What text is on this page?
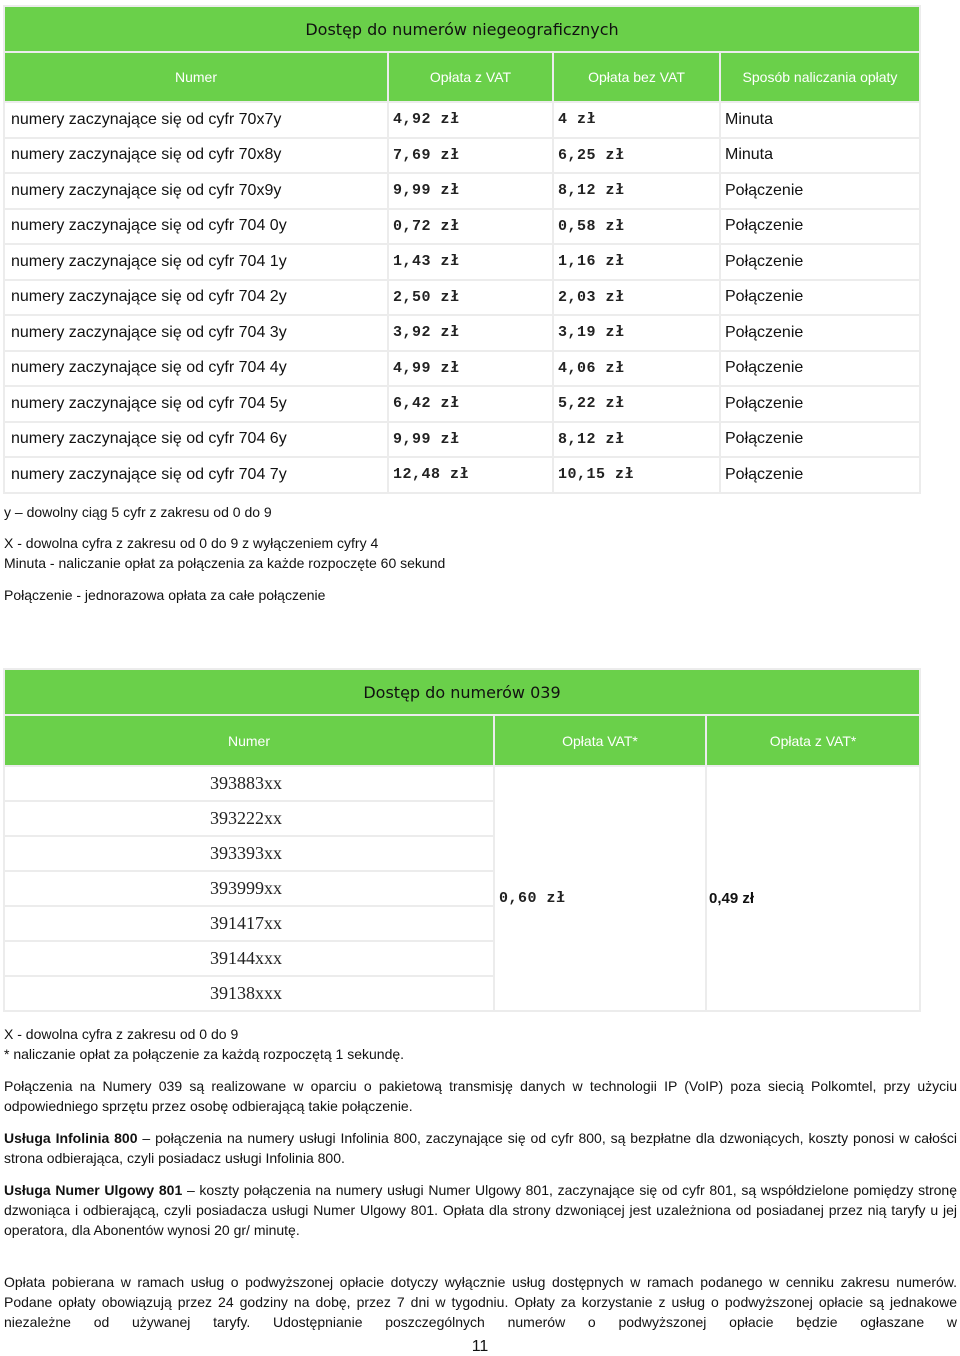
Dostęp do numerów niegeograficznych			
Numer	Opłata z VAT	Opłata bez VAT	Sposób naliczania opłaty
numery zaczynające się od cyfr 70x7y	4,92 zł	4 zł	Minuta
numery zaczynające się od cyfr 70x8y	7,69 zł	6,25 zł	Minuta
numery zaczynające się od cyfr 70x9y	9,99 zł	8,12 zł	Połączenie
numery zaczynające się od cyfr 704 0y	0,72 zł	0,58 zł	Połączenie
numery zaczynające się od cyfr 704 1y	1,43 zł	1,16 zł	Połączenie
numery zaczynające się od cyfr 704 2y	2,50 zł	2,03 zł	Połączenie
numery zaczynające się od cyfr 704 3y	3,92 zł	3,19 zł	Połączenie
numery zaczynające się od cyfr 704 4y	4,99 zł	4,06 zł	Połączenie
numery zaczynające się od cyfr 704 5y	6,42 zł	5,22 zł	Połączenie
numery zaczynające się od cyfr 704 6y	9,99 zł	8,12 zł	Połączenie
numery zaczynające się od cyfr 704 7y	12,48 zł	10,15 zł	Połączenie
y – dowolny ciąg 5 cyfr z zakresu od 0 do 9
X - dowolna cyfra z zakresu od 0 do 9 z wyłączeniem cyfry 4
Minuta - naliczanie opłat za połączenia za każde rozpoczęte 60 sekund
Połączenie - jednorazowa opłata za całe połączenie
Dostęp do numerów 039		
Numer	Opłata VAT*	Opłata z VAT*
393883xx	0,60 zł	0,49 zł
393222xx		
393393xx		
393999xx		
391417xx		
39144xxx		
39138xxx		
X - dowolna cyfra z zakresu od 0 do 9
* naliczanie opłat za połączenie za każdą rozpoczętą 1 sekundę.
Połączenia na Numery 039 są realizowane w oparciu o pakietową transmisję danych w technologii IP (VoIP) poza siecią Polkomtel, przy użyciu odpowiedniego sprzętu przez osobę odbierającą takie połączenie.
Usługa Infolinia 800 – połączenia na numery usługi Infolinia 800, zaczynające się od cyfr 800, są bezpłatne dla dzwoniących, koszty ponosi w całości strona odbierająca, czyli posiadacz usługi Infolinia 800.
Usługa Numer Ulgowy 801 – koszty połączenia na numery usługi Numer Ulgowy 801, zaczynające się od cyfr 801, są współdzielone pomiędzy stronę dzwoniąca i odbierającą, czyli posiadacza usługi Numer Ulgowy 801. Opłata dla strony dzwoniącej jest uzależniona od posiadanej przez nią taryfy u jej operatora, dla Abonentów wynosi 20 gr/ minutę.
Opłata pobierana w ramach usług o podwyższonej opłacie dotyczy wyłącznie usług dostępnych w ramach podanego w cenniku zakresu numerów. Podane opłaty obowiązują przez 24 godziny na dobę, przez 7 dni w tygodniu. Opłaty za korzystanie z usług o podwyższonej opłacie są jednakowe niezależne od używanej taryfy. Udostępnianie poszczególnych numerów o podwyższonej opłacie będzie ogłaszane w
11
